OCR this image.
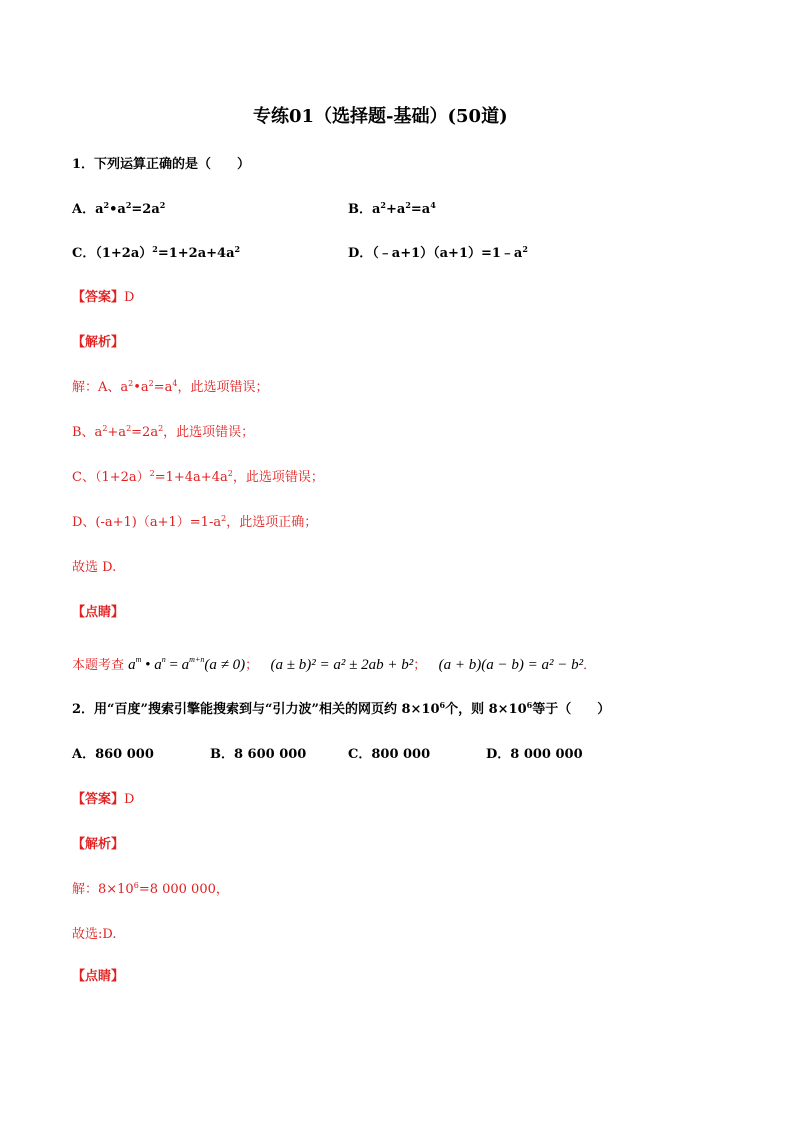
专练01（选择题-基础）(50道)
1．下列运算正确的是（　　）
A．$a^2•a^2=2a^2$	B．$a^2+a^2=a^4$
C．$(1+2a)^2=1+2a+4a^2$	D．$(﹣a+1)(a+1)=1﹣a^2$
【答案】D
【解析】
解：A、$a^2•a^2=a^4$，此选项错误；
B、$a^2+a^2=2a^2$，此选项错误；
C、$(1+2a)^2=1+4a+4a^2$，此选项错误；
D、$(-a+1)(a+1)=1-a^2$，此选项正确；
故选 D.
【点睛】
本题考查 $a^m$ • $a^n = a^{m+n}(a \ne 0)$； (a ± b)² = a² ± 2ab + b²； (a + b)(a − b) = a² − b²．
2．用“百度”搜索引擎能搜索到与“引力波”相关的网页约 $8\times 10^6$个，则 $8\times 10^6$等于（　　）
A．860 000	B．8 600 000	C．800 000	D．8 000 000
【答案】D
【解析】
解：$8\times 10^6=8$ 000 000，
故选:D.
【点睛】
